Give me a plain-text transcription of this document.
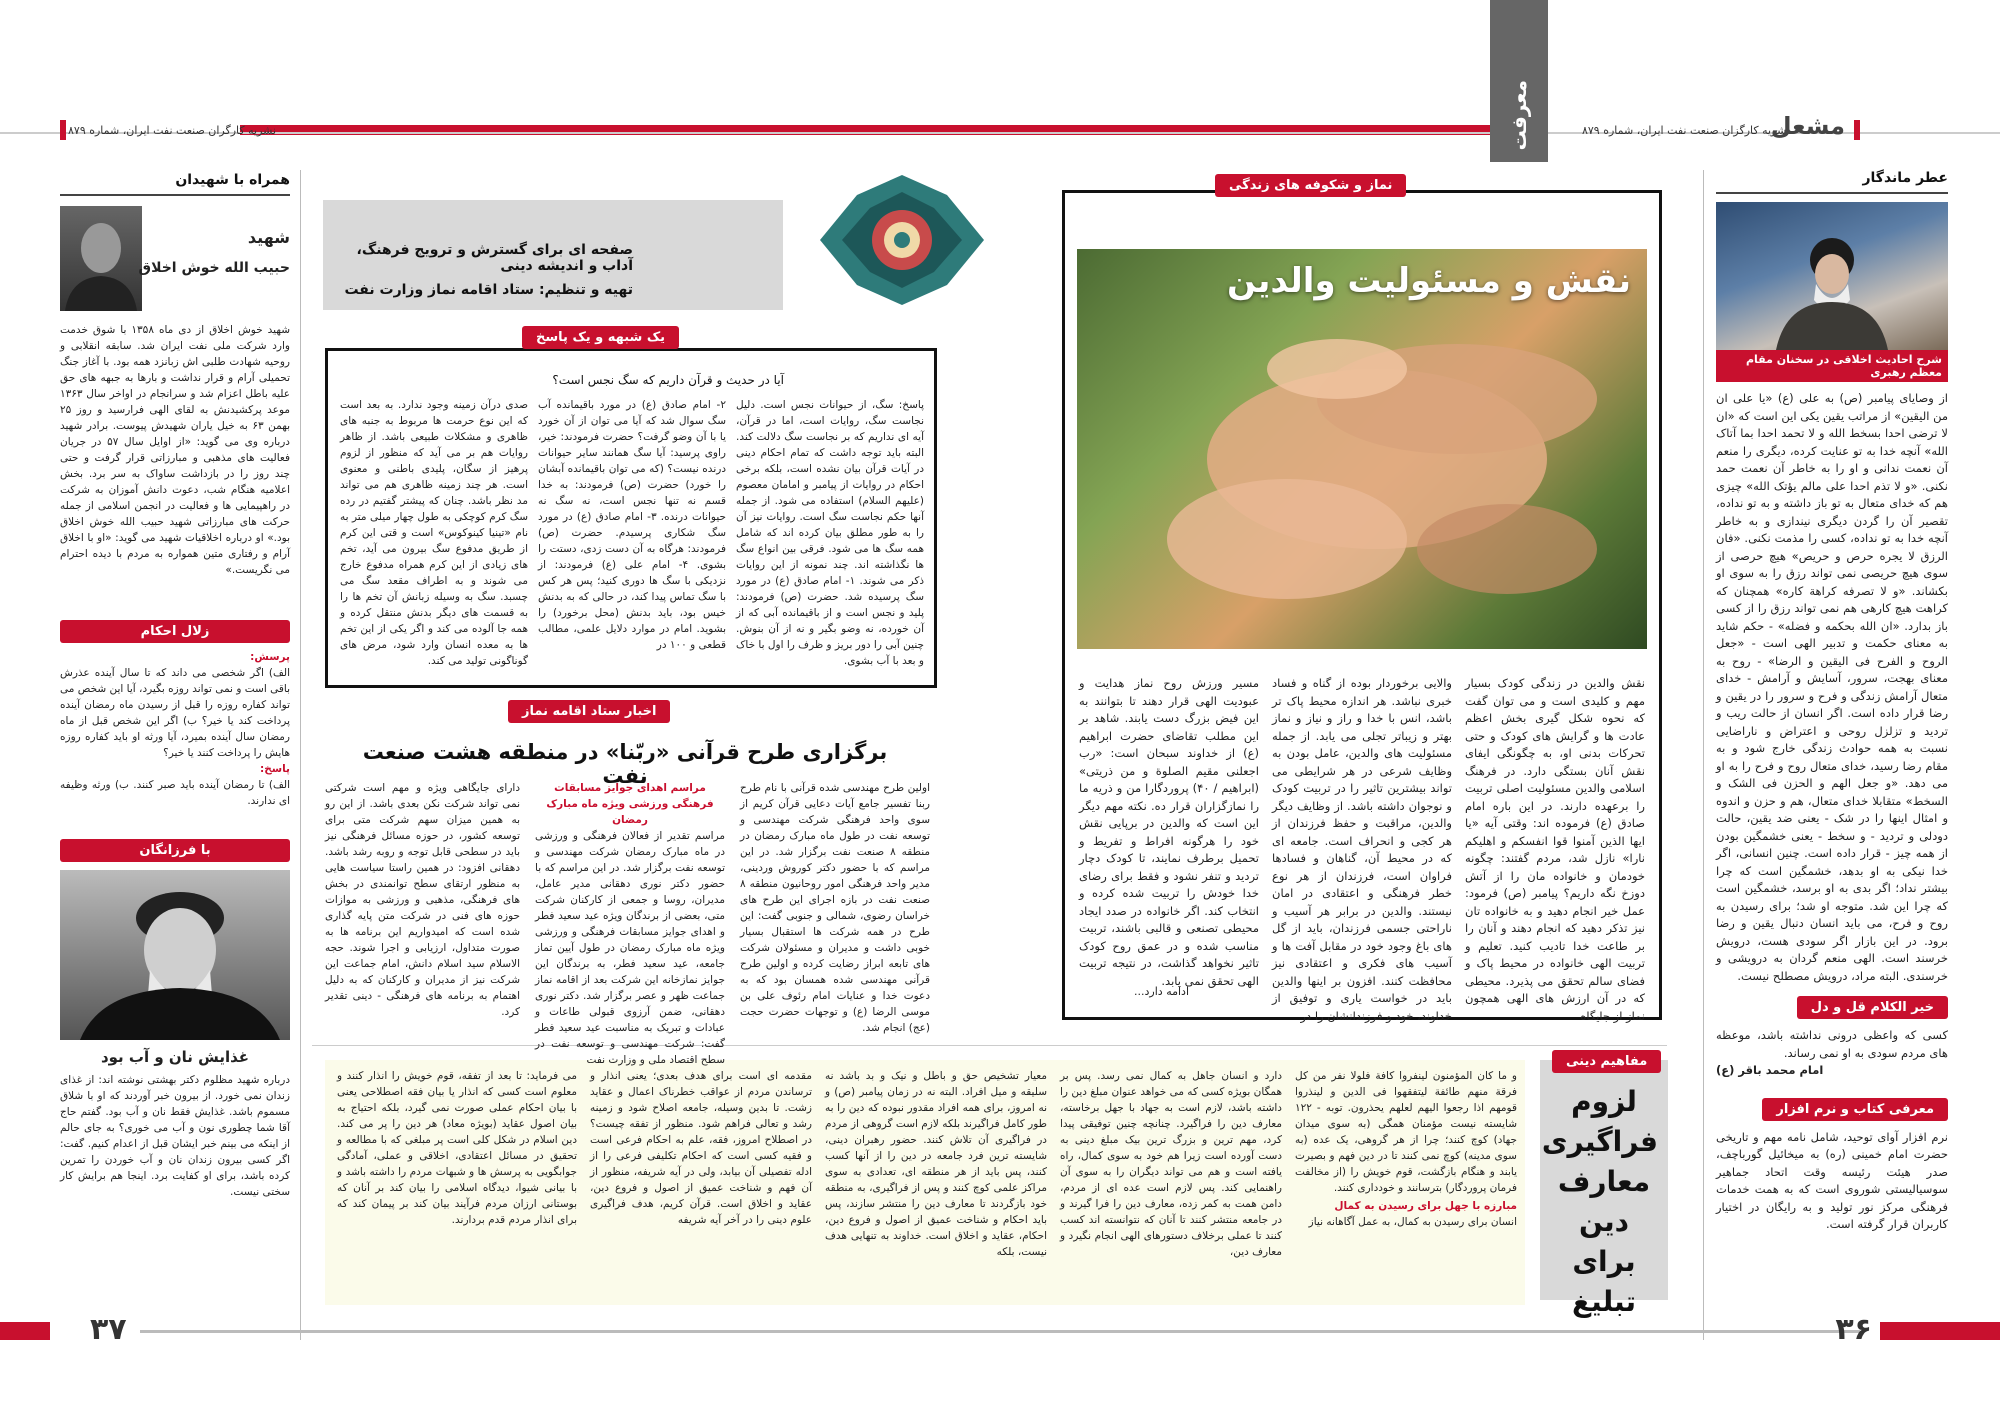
نشریه کارگزان صنعت نفت ایران، شماره ۸۷۹
نشریه کارگران صنعت نفت ایران، شماره ۸۷۹	مشعل
معرفت
عطر ماندگار
شرح احادیث اخلاقی در سخنان مقام معظم رهبری
از وصایای پیامبر (ص) به علی (ع) «یا علی ان من الیقین» از مراتب یقین یکی این است که «ان لا ترضی احدا بسخط الله و لا تحمد احدا بما آتاک الله» آنچه خدا به تو عنایت کرده، دیگری را منعم آن نعمت ندانی و او را به خاطر آن نعمت حمد نکنی. «و لا تذم احدا علی مالم یؤتک الله» چیزی هم که خدای متعال به تو باز داشته و به تو نداده، تقصیر آن را گردن دیگری نیندازی و به خاطر آنچه خدا به تو نداده، کسی را مذمت نکنی. «فان الرزق لا یجره حرص و حریص» هیچ حرصی از سوی هیچ حریصی نمی تواند رزق را به سوی او بکشاند. «و لا تصرفه کراهة کاره» همچنان که کراهت هیچ کارهی هم نمی تواند رزق را از کسی باز بدارد. «ان الله بحکمه و فضله» - حکم شاید به معنای حکمت و تدبیر الهی است - «جعل الروح و الفرح فی الیقین و الرضا» - روح به معنای بهجت، سرور، آسایش و آرامش - خدای متعال آرامش زندگی و فرح و سرور را در یقین و رضا قرار داده است. اگر انسان از حالت ریب و تردید و تزلزل روحی و اعتراض و ناراضایی نسبت به همه حوادث زندگی خارج شود و به مقام رضا رسید، خدای متعال روح و فرح را به او می دهد. «و جعل الهم و الحزن فی الشک و السخط» متقابلا خدای متعال، هم و حزن و اندوه و امثال اینها را در شک - یعنی ضد یقین، حالت دودلی و تردید - و سخط - یعنی خشمگین بودن از همه چیز - قرار داده است. چنین انسانی، اگر خدا نیکی به او بدهد، خشمگین است که چرا بیشتر نداد؛ اگر بدی به او برسد، خشمگین است که چرا این شد. متوجه او شد؛ برای رسیدن به روح و فرح، می باید انسان دنبال یقین و رضا برود. در این بازار اگر سودی هست، درویش خرسند است. الهی منعم گردان به درویشی و خرسندی. البته مراد، درویش مصطلح نیست.
خیر الکلام قل و دل
کسی که واعظی درونی نداشته باشد، موعظه های مردم سودی به او نمی رساند.
امام محمد باقر (ع)
معرفی کتاب و نرم افزار
نرم افزار آوای توحید، شامل نامه مهم و تاریخی حضرت امام خمینی (ره) به میخائیل گورباچف، صدر هیئت رئیسه وقت اتحاد جماهیر سوسیالیستی شوروی است که به همت خدمات فرهنگی مرکز نور تولید و به رایگان در اختیار کاربران قرار گرفته است.
نقش و مسئولیت والدین
نقش والدین در زندگی کودک بسیار مهم و کلیدی است و می توان گفت که نحوه شکل گیری بخش اعظم عادت ها و گرایش های کودک و حتی تحرکات بدنی او، به چگونگی ایفای نقش آنان بستگی دارد. در فرهنگ اسلامی والدین مسئولیت اصلی تربیت را برعهده دارند. در این باره امام صادق (ع) فرموده اند: وقتی آیه «یا ایها الذین آمنوا قوا انفسکم و اهلیکم نارا» نازل شد، مردم گفتند: چگونه خودمان و خانواده مان را از آتش دوزخ نگه داریم؟ پیامبر (ص) فرمود: عمل خیر انجام دهید و به خانواده تان نیز تذکر دهید که انجام دهند و آنان را بر طاعت خدا تادیب کنید. تعلیم و تربیت الهی خانواده در محیط پاک و فضای سالم تحقق می پذیرد. محیطی که در آن ارزش های الهی همچون نماز از جایگاه
والایی برخوردار بوده از گناه و فساد خبری نباشد. هر اندازه محیط پاک تر باشد، انس با خدا و راز و نیاز و نماز بهتر و زیباتر تجلی می یابد. از جمله مسئولیت های والدین، عامل بودن به وظایف شرعی در هر شرایطی می تواند بیشترین تاثیر را در تربیت کودک و نوجوان داشته باشد. از وظایف دیگر والدین، مراقبت و حفظ فرزندان از هر کجی و انحراف است. جامعه ای که در محیط آن، گناهان و فسادها فراوان است، فرزندان از هر نوع خطر فرهنگی و اعتقادی در امان نیستند. والدین در برابر هر آسیب و ناراحتی جسمی فرزندان، باید از گل های باغ وجود خود در مقابل آفت ها و آسیب های فکری و اعتقادی نیز محافظت کنند. افزون بر اینها والدین باید در خواست یاری و توفیق از خداوند، خود و فرزندانشان را در
مسیر ورزش روح نماز هدایت و عبودیت الهی قرار دهند تا بتوانند به این فیض بزرگ دست یابند. شاهد بر این مطلب تقاضای حضرت ابراهیم (ع) از خداوند سبحان است: «رب اجعلنی مقیم الصلوة و من ذریتی» (ابراهیم / ۴۰) پروردگارا من و ذریه ما را نمازگزاران قرار ده. نکته مهم دیگر این است که والدین در برپایی نقش خود را هرگونه افراط و تفریط و تحمیل برطرف نمایند، تا کودک دچار تردید و تنفر نشود و فقط برای رضای خدا خودش را تربیت شده کرده و انتخاب کند. اگر خانواده در صدد ایجاد محیطی تصنعی و قالبی باشند، تربیت مناسب شده و در عمق روح کودک تاثیر نخواهد گذاشت، در نتیجه تربیت الهی تحقق نمی یابد.
ادامه دارد...
نماز و شکوفه های زندگی
لزوم فراگیری معارف دین برای تبلیغ
مفاهیم دینی
و ما کان المؤمنون لینفروا کافة فلولا نفر من کل فرقة منهم طائفة لیتفقهوا فی الدین و لینذروا قومهم اذا رجعوا الیهم لعلهم یحذرون. توبه - ۱۲۲ شایسته نیست مؤمنان همگی (به سوی میدان جهاد) کوچ کنند؛ چرا از هر گروهی، یک عده (به سوی مدینه) کوچ نمی کنند تا در دین فهم و بصیرت یابند و هنگام بازگشت، قوم خویش را (از مخالفت فرمان پروردگار) بترسانند و خودداری کنند.
مبارزه با جهل برای رسیدن به کمال
انسان برای رسیدن به کمال، به عمل آگاهانه نیاز
دارد و انسان جاهل به کمال نمی رسد. پس بر همگان بویژه کسی که می خواهد عنوان مبلغ دین را داشته باشد، لازم است به جهاد با جهل برخاسته، معارف دین را فراگیرد. چنانچه چنین توفیقی پیدا کرد، مهم ترین و بزرگ ترین بیک مبلغ دینی به دست آورده است زیرا هم خود به سوی کمال، راه یافته است و هم می تواند دیگران را به سوی آن راهنمایی کند. پس لازم است عده ای از مردم، دامن همت به کمر زده، معارف دین را فرا گیرند و در جامعه منتشر کنند تا آنان که نتوانسته اند کسب کنند تا عملی برخلاف دستورهای الهی انجام نگیرد و معارف دین،
معیار تشخیص حق و باطل و نیک و بد باشد نه سلیقه و میل افراد. البته نه در زمان پیامبر (ص) و نه امروز، برای همه افراد مقدور نبوده که دین را به طور کامل فراگیرند بلکه لازم است گروهی از مردم در فراگیری آن تلاش کنند. حضور رهبران دینی، شایسته ترین فرد جامعه در دین را از آنها کسب کنند، پس باید از هر منطقه ای، تعدادی به سوی مراکز علمی کوچ کنند و پس از فراگیری، به منطقه خود بازگردند تا معارف دین را منتشر سازند، پس باید احکام و شناخت عمیق از اصول و فروع دین، احکام، عقاید و اخلاق است. خداوند به تنهایی هدف نیست، بلکه
مقدمه ای است برای هدف بعدی؛ یعنی انذار و ترساندن مردم از عواقب خطرناک اعمال و عقاید زشت. تا بدین وسیله، جامعه اصلاح شود و زمینه رشد و تعالی فراهم شود. منظور از تفقه چیست؟ در اصطلاح امروز، فقه، علم به احکام فرعی است و فقیه کسی است که احکام تکلیفی فرعی را از ادله تفصیلی آن بیابد، ولی در آیه شریفه، منظور از آن فهم و شناخت عمیق از اصول و فروع دین، عقاید و اخلاق است. قرآن کریم، هدف فراگیری علوم دینی را در آخر آیه شریفه
می فرماید: تا بعد از تفقه، قوم خویش را انذار کنند و معلوم است کسی که انذار یا بیان فقه اصطلاحی یعنی با بیان احکام عملی صورت نمی گیرد، بلکه احتیاج به بیان اصول عقاید (بویژه معاد) هر دین را پر می کند. دین اسلام در شکل کلی است پر مبلغی که با مطالعه و تحقیق در مسائل اعتقادی، اخلاقی و عملی، آمادگی جوابگویی به پرسش ها و شبهات مردم را داشته باشد و با بیانی شیوا، دیدگاه اسلامی را بیان کند بر آنان که بوستانی ارزان مردم فرآیند بیان کند بر پیمان کند که برای انذار مردم قدم بردارند.
صفحه ای برای گسترش و ترویج فرهنگ، آداب و اندیشه دینی
تهیه و تنظیم: ستاد اقامه نماز وزارت نفت
آیا در حدیث و قرآن داریم که سگ نجس است؟
پاسخ: سگ، از حیوانات نجس است. دلیل نجاست سگ، روایات است، اما در قرآن، آیه ای نداریم که بر نجاست سگ دلالت کند. البته باید توجه داشت که تمام احکام دینی در آیات قرآن بیان نشده است، بلکه برخی احکام در روایات از پیامبر و امامان معصوم (علیهم السلام) استفاده می شود. از جمله آنها حکم نجاست سگ است. روایات نیز آن را به طور مطلق بیان کرده اند که شامل همه سگ ها می شود. فرقی بین انواع سگ ها نگذاشته اند. چند نمونه از این روایات ذکر می شوند. ۱- امام صادق (ع) در مورد سگ پرسیده شد. حضرت (ص) فرمودند: پلید و نجس است و از باقیمانده آبی که از آن خورده، نه وضو بگیر و نه از آن بنوش. چنین آبی را دور بریز و ظرف را اول با خاک و بعد با آب بشوی.
۲- امام صادق (ع) در مورد باقیمانده آب سگ سوال شد که آیا می توان از آن خورد یا با آن وضو گرفت؟ حضرت فرمودند: خیر، راوی پرسید: آیا سگ همانند سایر حیوانات درنده نیست؟ (که می توان باقیمانده آبشان را خورد) حضرت (ص) فرمودند: به خدا قسم نه تنها نجس است، نه سگ نه حیوانات درنده. ۳- امام صادق (ع) در مورد سگ شکاری پرسیدم. حضرت (ص) فرمودند: هرگاه به آن دست زدی، دستت را بشوی. ۴- امام علی (ع) فرمودند: از نزدیکی با سگ ها دوری کنید؛ پس هر کس با سگ تماس پیدا کند، در حالی که به بدنش خیس بود، باید بدنش (محل برخورد) را بشوید. امام در موارد دلایل علمی، مطالب قطعی و ۱۰۰ در
صدی درآن زمینه وجود ندارد. به بعد است که این نوع حرمت ها مربوط به جنبه های ظاهری و مشکلات طبیعی باشد. از ظاهر روایات هم بر می آید که منظور از لزوم پرهیز از سگان، پلیدی باطنی و معنوی است. هر چند زمینه ظاهری هم می تواند مد نظر باشد. چنان که پیشتر گفتیم در رده سگ کرم کوچکی به طول چهار میلی متر به نام «تینیا کینوکوس» است و قتی این کرم از طریق مدفوع سگ بیرون می آید، تخم های زیادی از این کرم همراه مدفوع خارج می شوند و به اطراف مقعد سگ می چسبد. سگ به وسیله زبانش آن تخم ها را به قسمت های دیگر بدنش منتقل کرده و همه جا آلوده می کند و اگر یکی از این تخم ها به معده انسان وارد شود، مرض های گوناگونی تولید می کند.
یک شبهه و یک پاسخ
اخبار ستاد اقامه نماز
برگزاری طرح قرآنی «ربّنا» در منطقه هشت صنعت نفت	اولین طرح مهندسی شده قرآنی با نام طرح ربنا تفسیر جامع آیات دعایی قرآن کریم از سوی واحد فرهنگی شرکت مهندسی و توسعه نفت در طول ماه مبارک رمضان در منطقه ۸ صنعت نفت برگزار شد. در این مراسم که با حضور دکتر کوروش وردینی، مدیر واحد فرهنگی امور روحانیون منطقه ۸ صنعت نفت در بازه اجرای این طرح های خراسان رضوی، شمالی و جنوبی گفت: این طرح در همه شرکت ها استقبال بسیار خوبی داشت و مدیران و مسئولان شرکت های تابعه ابراز رضایت کرده و اولین طرح قرآنی مهندسی شده همسان بود که به دعوت خدا و عنایات امام رئوف علی بن موسی الرضا (ع) و توجهات حضرت حجت (عج) انجام شد.
مراسم اهدای جوایز مسابقات فرهنگی ورزشی ویژه ماه مبارک رمضان
مراسم تقدیر از فعالان فرهنگی و ورزشی در ماه مبارک رمضان شرکت مهندسی و توسعه نفت برگزار شد. در این مراسم که با حضور دکتر نوری دهقانی مدیر عامل، مدیران، روسا و جمعی از کارکنان شرکت متی، بعضی از برندگان ویژه عید سعید فطر و اهدای جوایز مسابقات فرهنگی و ورزشی ویژه ماه مبارک رمضان در طول آیین تماز جامعه، عید سعید فطر، به برندگان این جوایز نمازخانه این شرکت بعد از اقامه نماز جماعت ظهر و عصر برگزار شد. دکتر نوری دهقانی، ضمن آرزوی قبولی طاعات و عبادات و تبریک به مناسبت عید سعید فطر گفت: شرکت مهندسی و توسعه نفت در سطح اقتصاد ملی و وزارت نفت
دارای جایگاهی ویژه و مهم است شرکتی نمی تواند شرکت نکن بعدی باشد. از این رو به همین میزان سهم شرکت متی برای توسعه کشور، در حوزه مسائل فرهنگی نیز باید در سطحی قابل توجه و روبه رشد باشد. دهقانی افزود: در همین راستا سیاست هایی به منظور ارتقای سطح توانمندی در بخش های فرهنگی، مذهبی و ورزشی به موازات حوزه های فنی در شرکت متن پایه گذاری شده است که امیدواریم این برنامه ها به صورت متداول، ارزیابی و اجرا شوند. حجه الاسلام سید اسلام دانش، امام جماعت این شرکت نیز از مدیران و کارکنان که به دلیل اهتمام به برنامه های فرهنگی - دینی تقدیر کرد.
همراه با شهیدان
شهید
حبیب الله خوش اخلاق
شهید خوش اخلاق از دی ماه ۱۳۵۸ با شوق خدمت وارد شرکت ملی نفت ایران شد. سابقه انقلابی و روحیه شهادت طلبی اش زبانزد همه بود. با آغاز جنگ تحمیلی آرام و قرار نداشت و بارها به جبهه های حق علیه باطل اعزام شد و سرانجام در اواخر سال ۱۳۶۳ موعد پرکشیدنش به لقای الهی فرارسید و روز ۲۵ بهمن ۶۳ به خیل یاران شهیدش پیوست. برادر شهید درباره وی می گوید: «از اوایل سال ۵۷ در جریان فعالیت های مذهبی و مبارزاتی قرار گرفت و حتی چند روز را در بازداشت ساواک به سر برد. بخش اعلامیه هنگام شب، دعوت دانش آموزان به شرکت در راهپیمایی ها و فعالیت در انجمن اسلامی از جمله حرکت های مبارزاتی شهید حبیب الله خوش اخلاق بود.» او درباره اخلاقیات شهید می گوید: «او با اخلاق آرام و رفتاری متین همواره به مردم با دیده احترام می نگریست.»
زلال احکام
پرسش:
الف) اگر شخصی می داند که تا سال آینده عذرش باقی است و نمی تواند روزه بگیرد، آیا این شخص می تواند کفاره روزه را قبل از رسیدن ماه رمضان آینده پرداخت کند یا خیر؟ ب) اگر این شخص قبل از ماه رمضان سال آینده بمیرد، آیا ورثه او باید کفاره روزه هایش را پرداخت کنند یا خیر؟
پاسخ:
الف) تا رمضان آینده باید صبر کنند. ب) ورثه وظیفه ای ندارند.
با فرزانگان
غذایش نان و آب بود
درباره شهید مظلوم دکتر بهشتی نوشته اند: از غذای زندان نمی خورد. از بیرون خبر آوردند که او با شلاق مسموم باشد. غذایش فقط نان و آب بود. گفتم حاج آقا شما چطوری نون و آب می خوری؟ به جای حالم از اینکه می بینم خبر ایشان قبل از اعدام کنیم. گفت: اگر کسی بیرون زندان نان و آب خوردن را تمرین کرده باشد، برای او کفایت برد. اینجا هم برایش کار سختی نیست.
۳۶
۳۷
